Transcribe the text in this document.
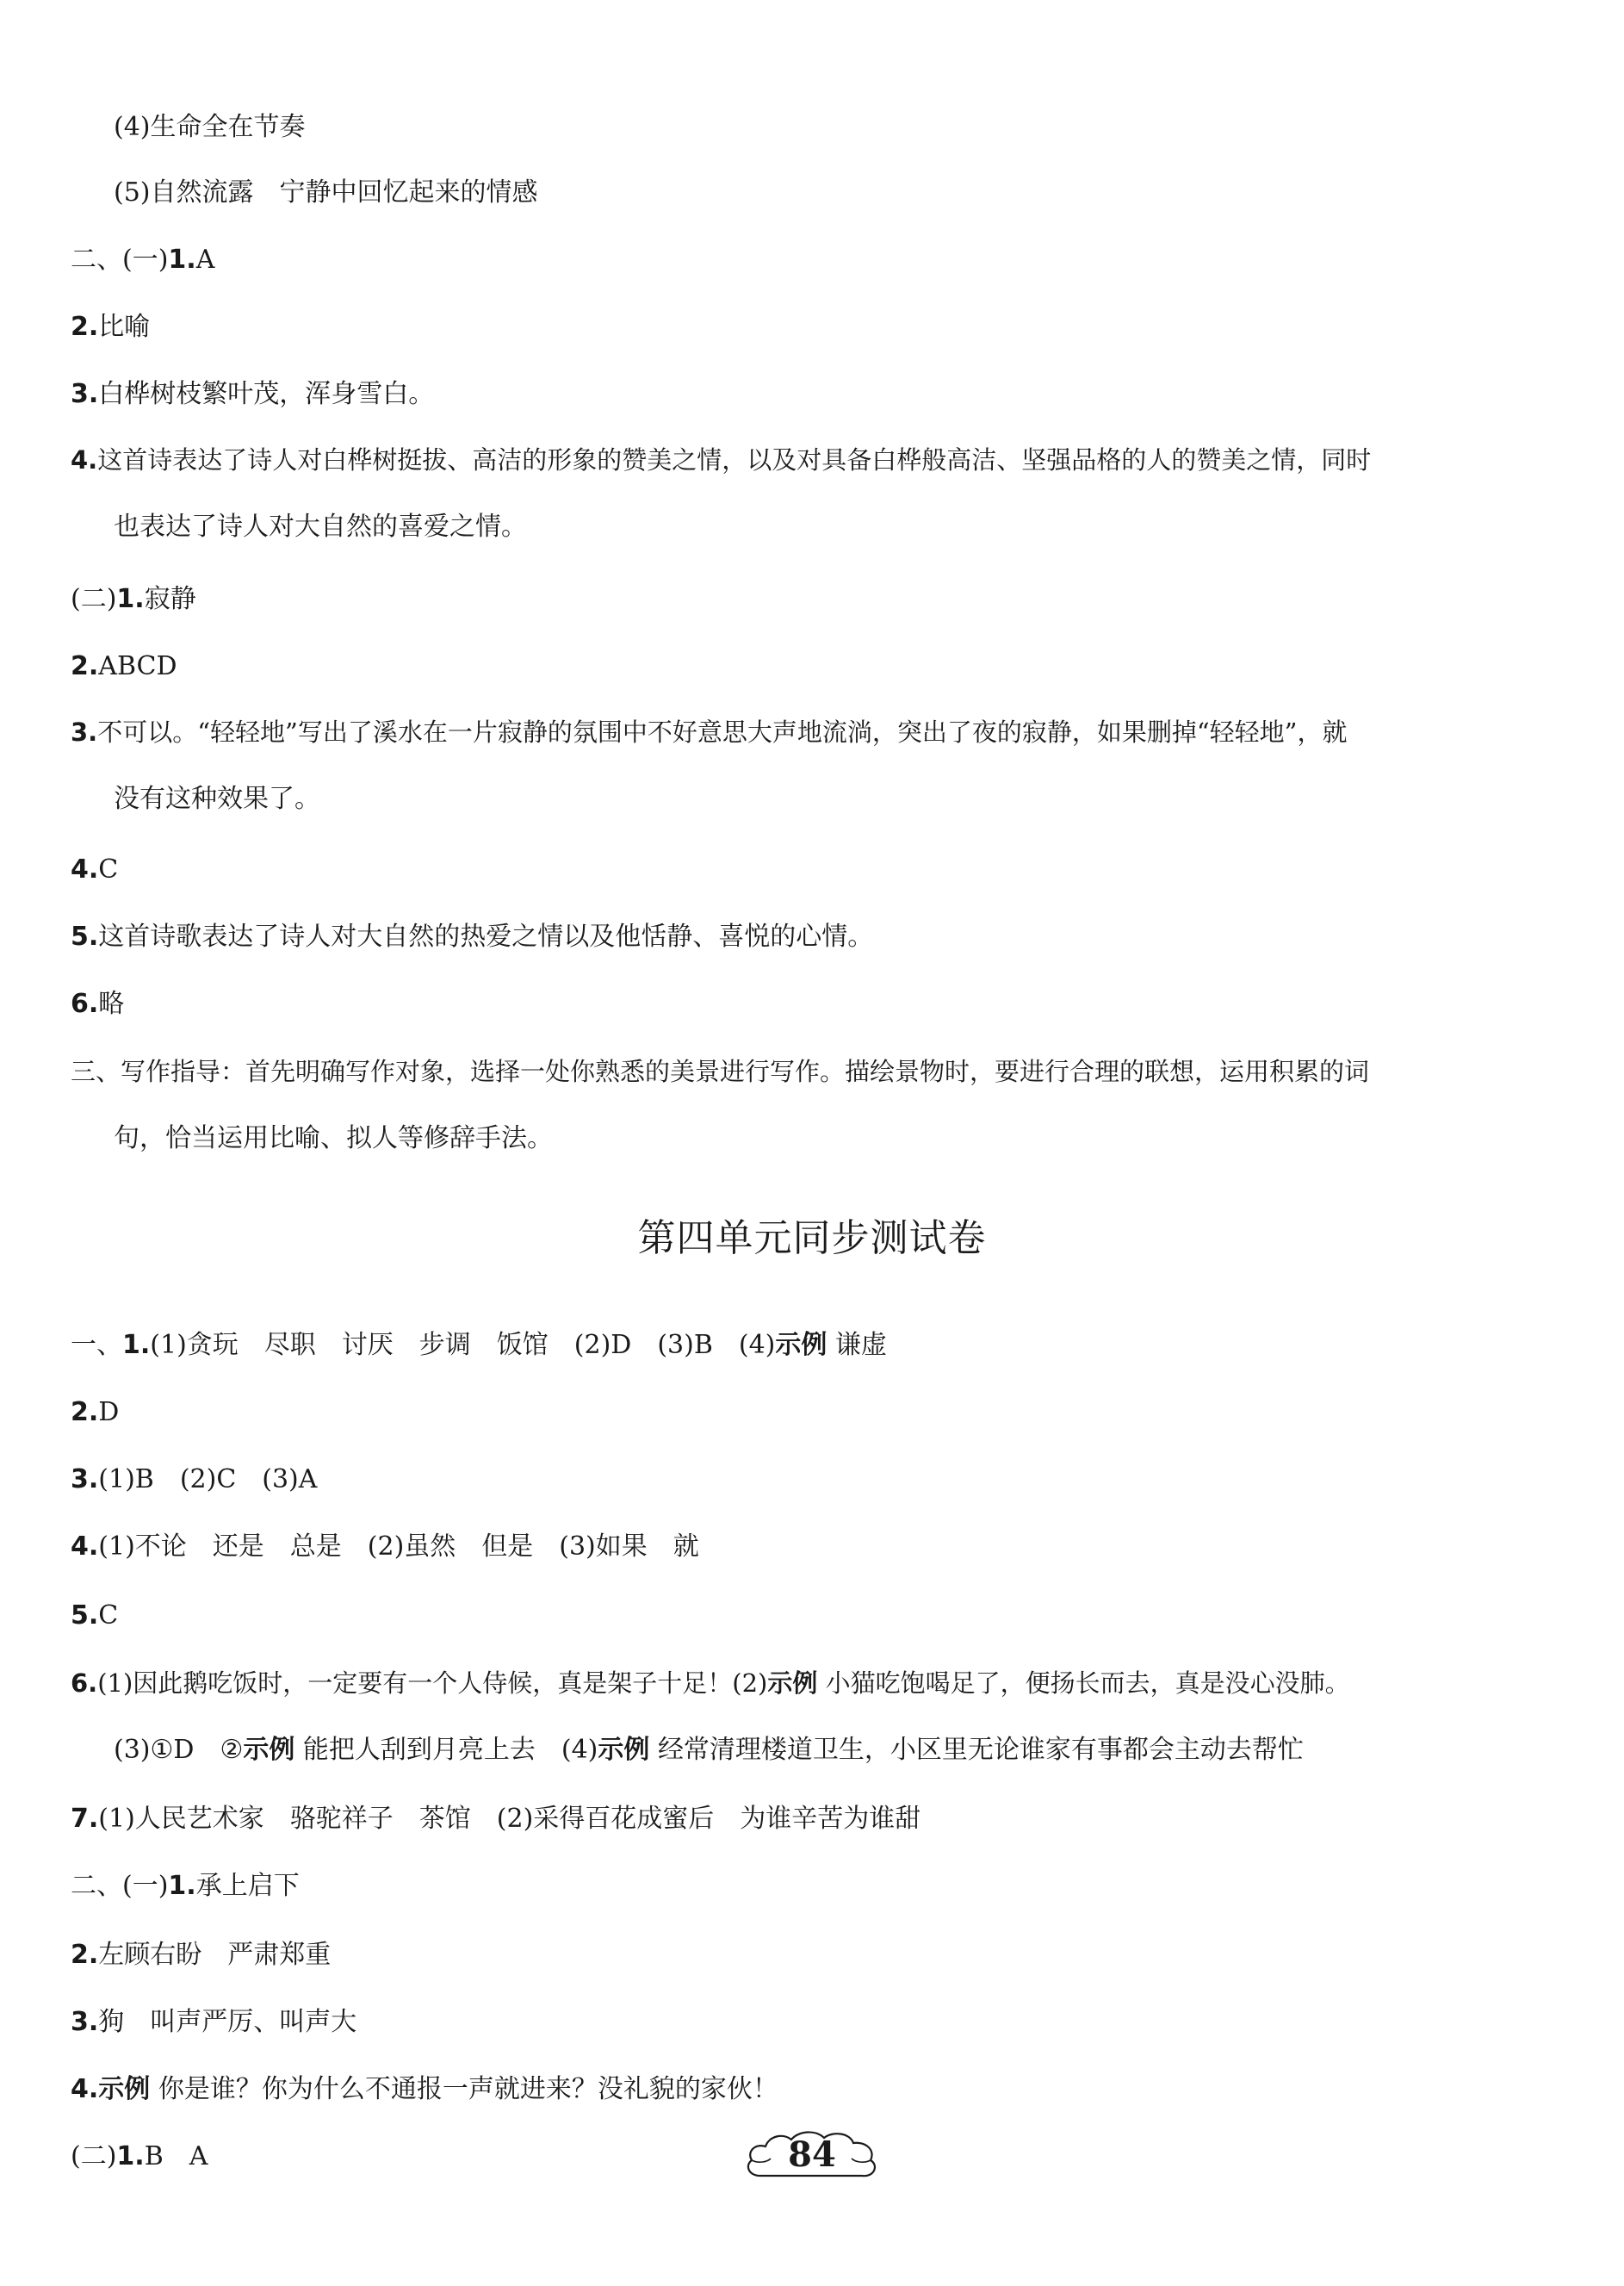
(4)生命全在节奏
(5)自然流露　宁静中回忆起来的情感
二、(一)1.A
2.比喻
3.白桦树枝繁叶茂，浑身雪白。
4.这首诗表达了诗人对白桦树挺拔、高洁的形象的赞美之情，以及对具备白桦般高洁、坚强品格的人的赞美之情，同时
也表达了诗人对大自然的喜爱之情。
(二)1.寂静
2.ABCD
3.不可以。“轻轻地”写出了溪水在一片寂静的氛围中不好意思大声地流淌，突出了夜的寂静，如果删掉“轻轻地”，就
没有这种效果了。
4.C
5.这首诗歌表达了诗人对大自然的热爱之情以及他恬静、喜悦的心情。
6.略
三、写作指导：首先明确写作对象，选择一处你熟悉的美景进行写作。描绘景物时，要进行合理的联想，运用积累的词
句，恰当运用比喻、拟人等修辞手法。
第四单元同步测试卷
一、1.(1)贪玩　尽职　讨厌　步调　饭馆　(2)D　(3)B　(4)示例 谦虚
2.D
3.(1)B　(2)C　(3)A
4.(1)不论　还是　总是　(2)虽然　但是　(3)如果　就
5.C
6.(1)因此鹅吃饭时，一定要有一个人侍候，真是架子十足！(2)示例 小猫吃饱喝足了，便扬长而去，真是没心没肺。
(3)①D　②示例 能把人刮到月亮上去　(4)示例 经常清理楼道卫生，小区里无论谁家有事都会主动去帮忙
7.(1)人民艺术家　骆驼祥子　茶馆　(2)采得百花成蜜后　为谁辛苦为谁甜
二、(一)1.承上启下
2.左顾右盼　严肃郑重
3.狗　叫声严厉、叫声大
4.示例 你是谁？你为什么不通报一声就进来？没礼貌的家伙！
(二)1.B　A	84
